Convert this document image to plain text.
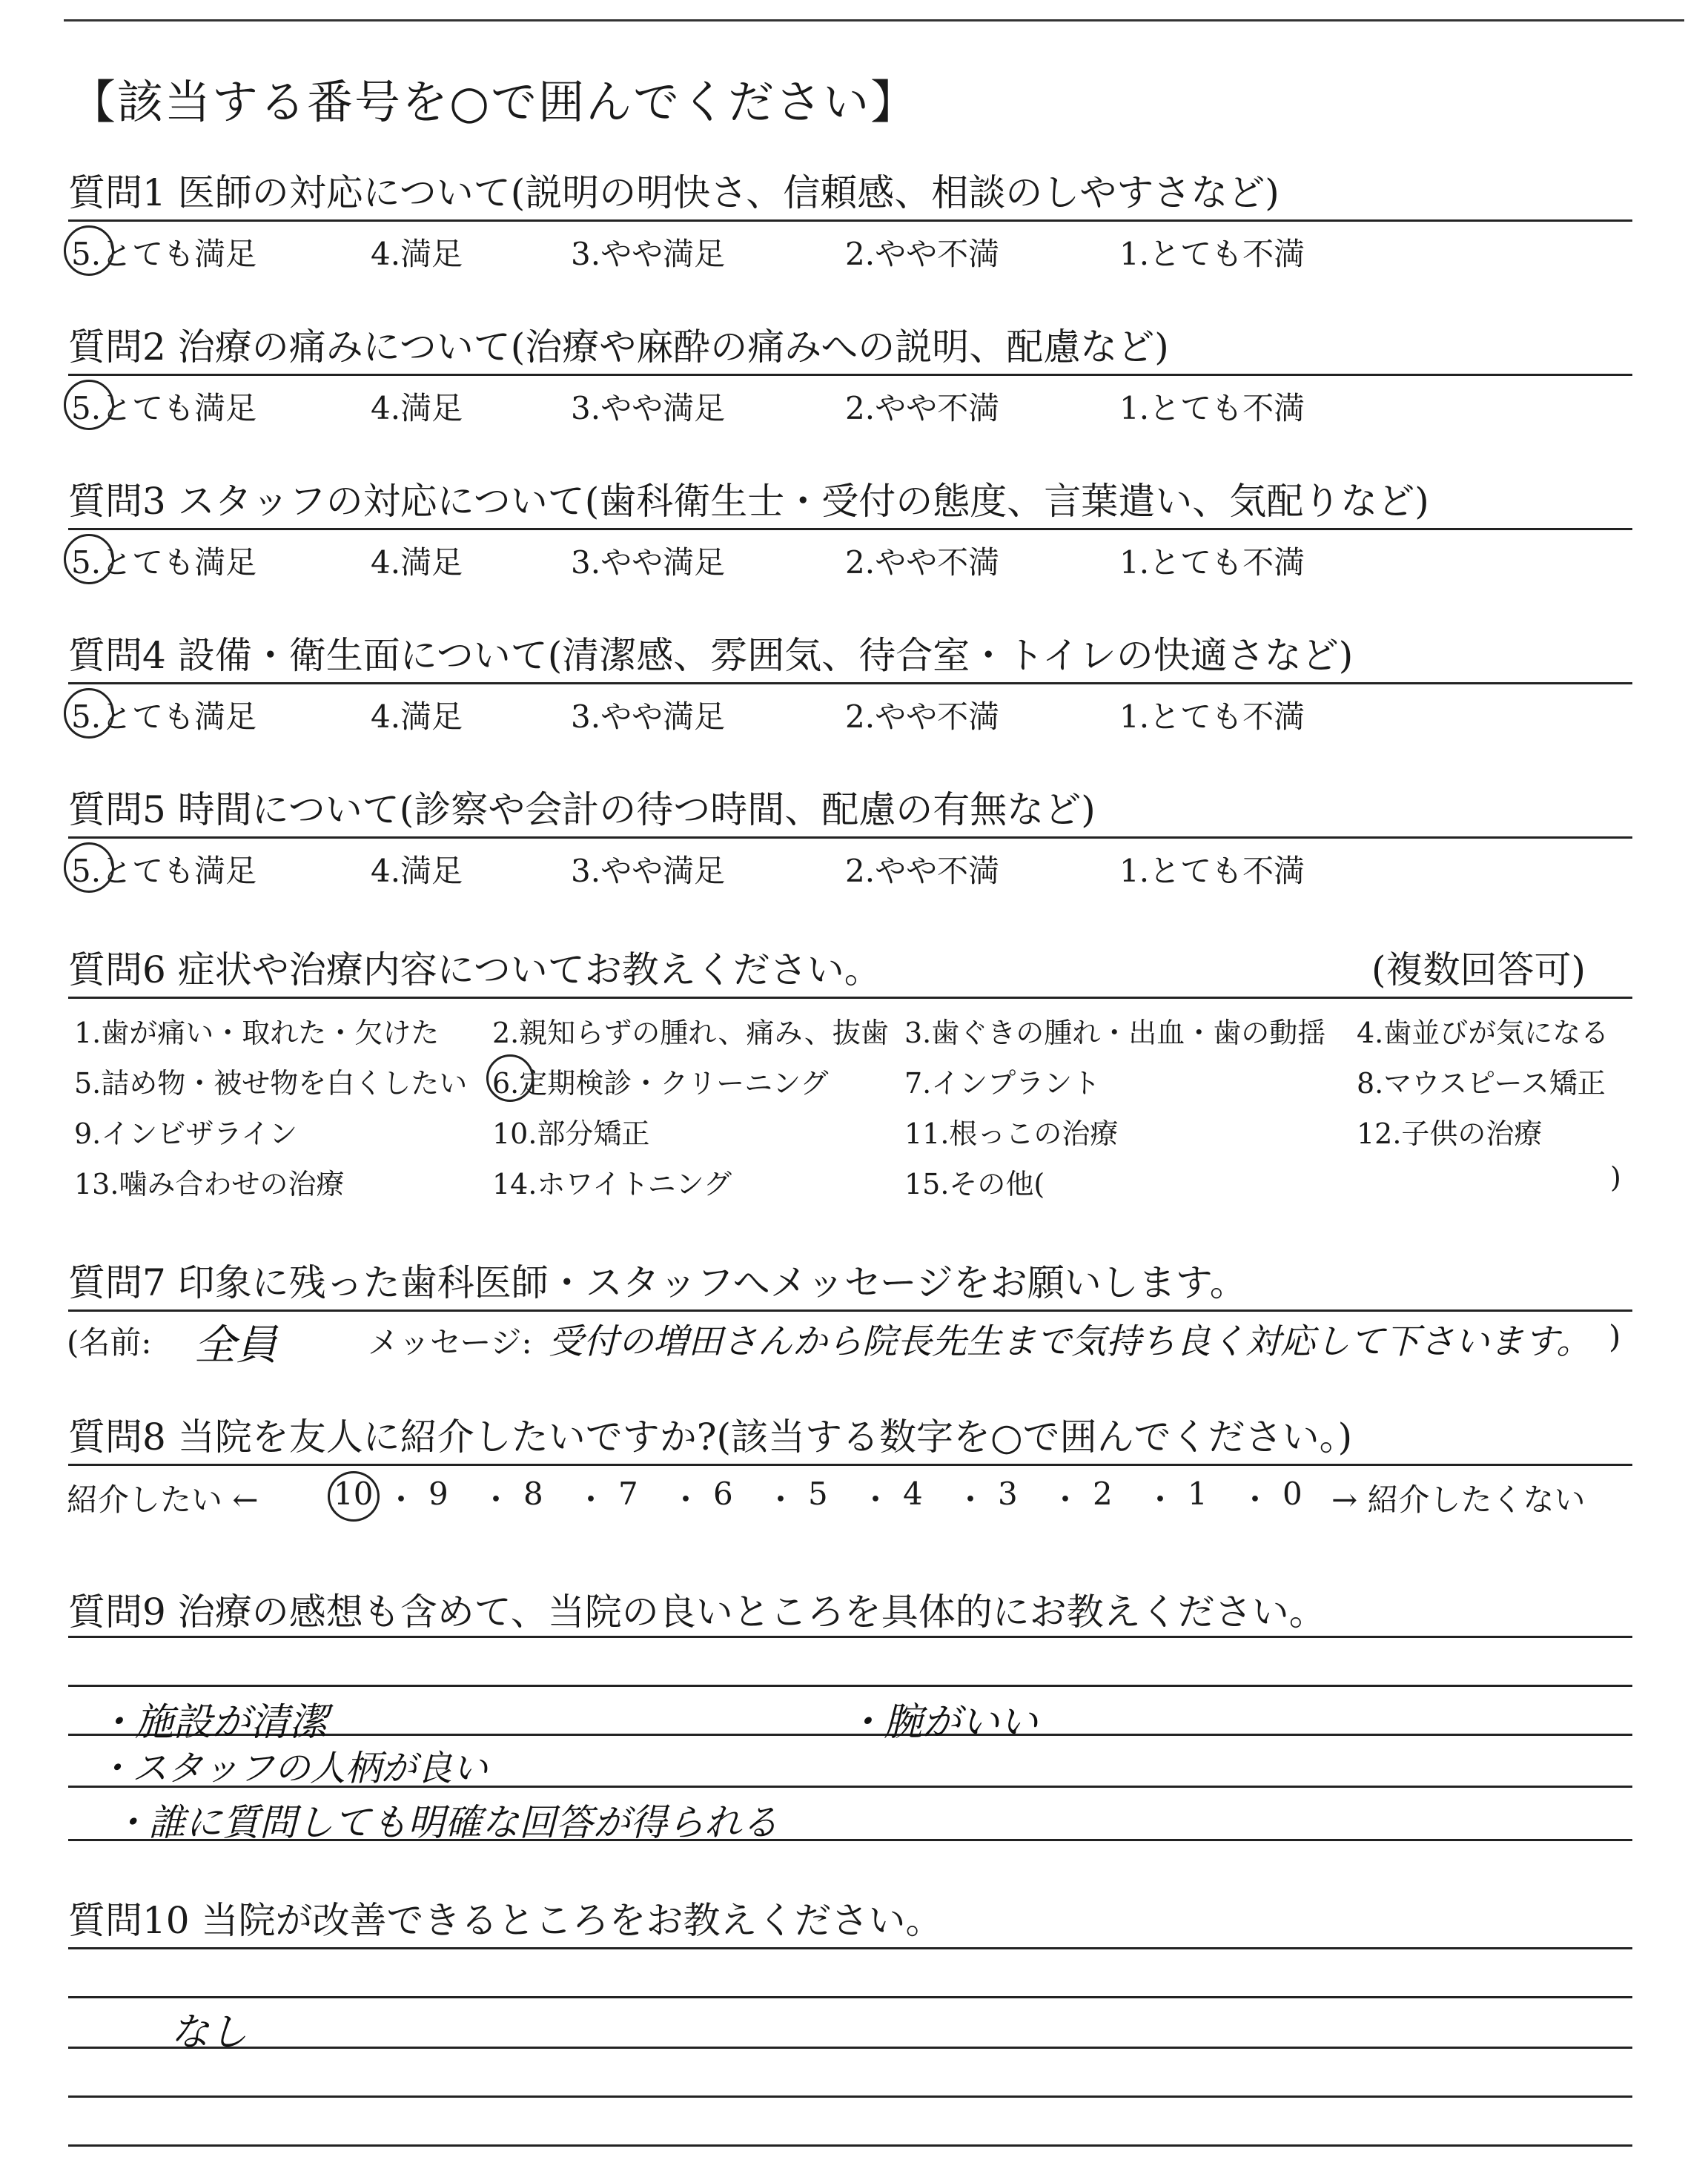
【該当する番号を○で囲んでください】
質問1 医師の対応について(説明の明快さ、信頼感、相談のしやすさなど)
5.とても満足	4.満足	3.やや満足	2.やや不満	1.とても不満
質問2 治療の痛みについて(治療や麻酔の痛みへの説明、配慮など)
5.とても満足	4.満足	3.やや満足	2.やや不満	1.とても不満
質問3 スタッフの対応について(歯科衛生士・受付の態度、言葉遣い、気配りなど)
5.とても満足	4.満足	3.やや満足	2.やや不満	1.とても不満
質問4 設備・衛生面について(清潔感、雰囲気、待合室・トイレの快適さなど)
5.とても満足	4.満足	3.やや満足	2.やや不満	1.とても不満
質問5 時間について(診察や会計の待つ時間、配慮の有無など)
5.とても満足	4.満足	3.やや満足	2.やや不満	1.とても不満
質問6 症状や治療内容についてお教えください。	(複数回答可)
1.歯が痛い・取れた・欠けた 2.親知らずの腫れ、痛み、抜歯 3.歯ぐきの腫れ・出血・歯の動揺 4.歯並びが気になる
5.詰め物・被せ物を白くしたい 6.定期検診・クリーニング	7.インプラント	8.マウスピース矯正
9.インビザライン	10.部分矯正	11.根っこの治療	12.子供の治療
13.噛み合わせの治療	14.ホワイトニング	15.その他(	)
質問7 印象に残った歯科医師・スタッフへメッセージをお願いします。
(名前: 全員	メッセージ: 受付の増田さんから院長先生まで気持ち良く対応して下さいます。 )
質問8 当院を友人に紹介したいですか?(該当する数字を○で囲んでください。)
紹介したい ←	→ 紹介したくない
10 ・ 9 ・ 8 ・ 7 ・ 6 ・ 5 ・ 4 ・ 3 ・ 2 ・ 1 ・ 0
質問9 治療の感想も含めて、当院の良いところを具体的にお教えください。
・施設が清潔	・腕がいい
・スタッフの人柄が良い
・誰に質問しても明確な回答が得られる
質問10 当院が改善できるところをお教えください。
なし
